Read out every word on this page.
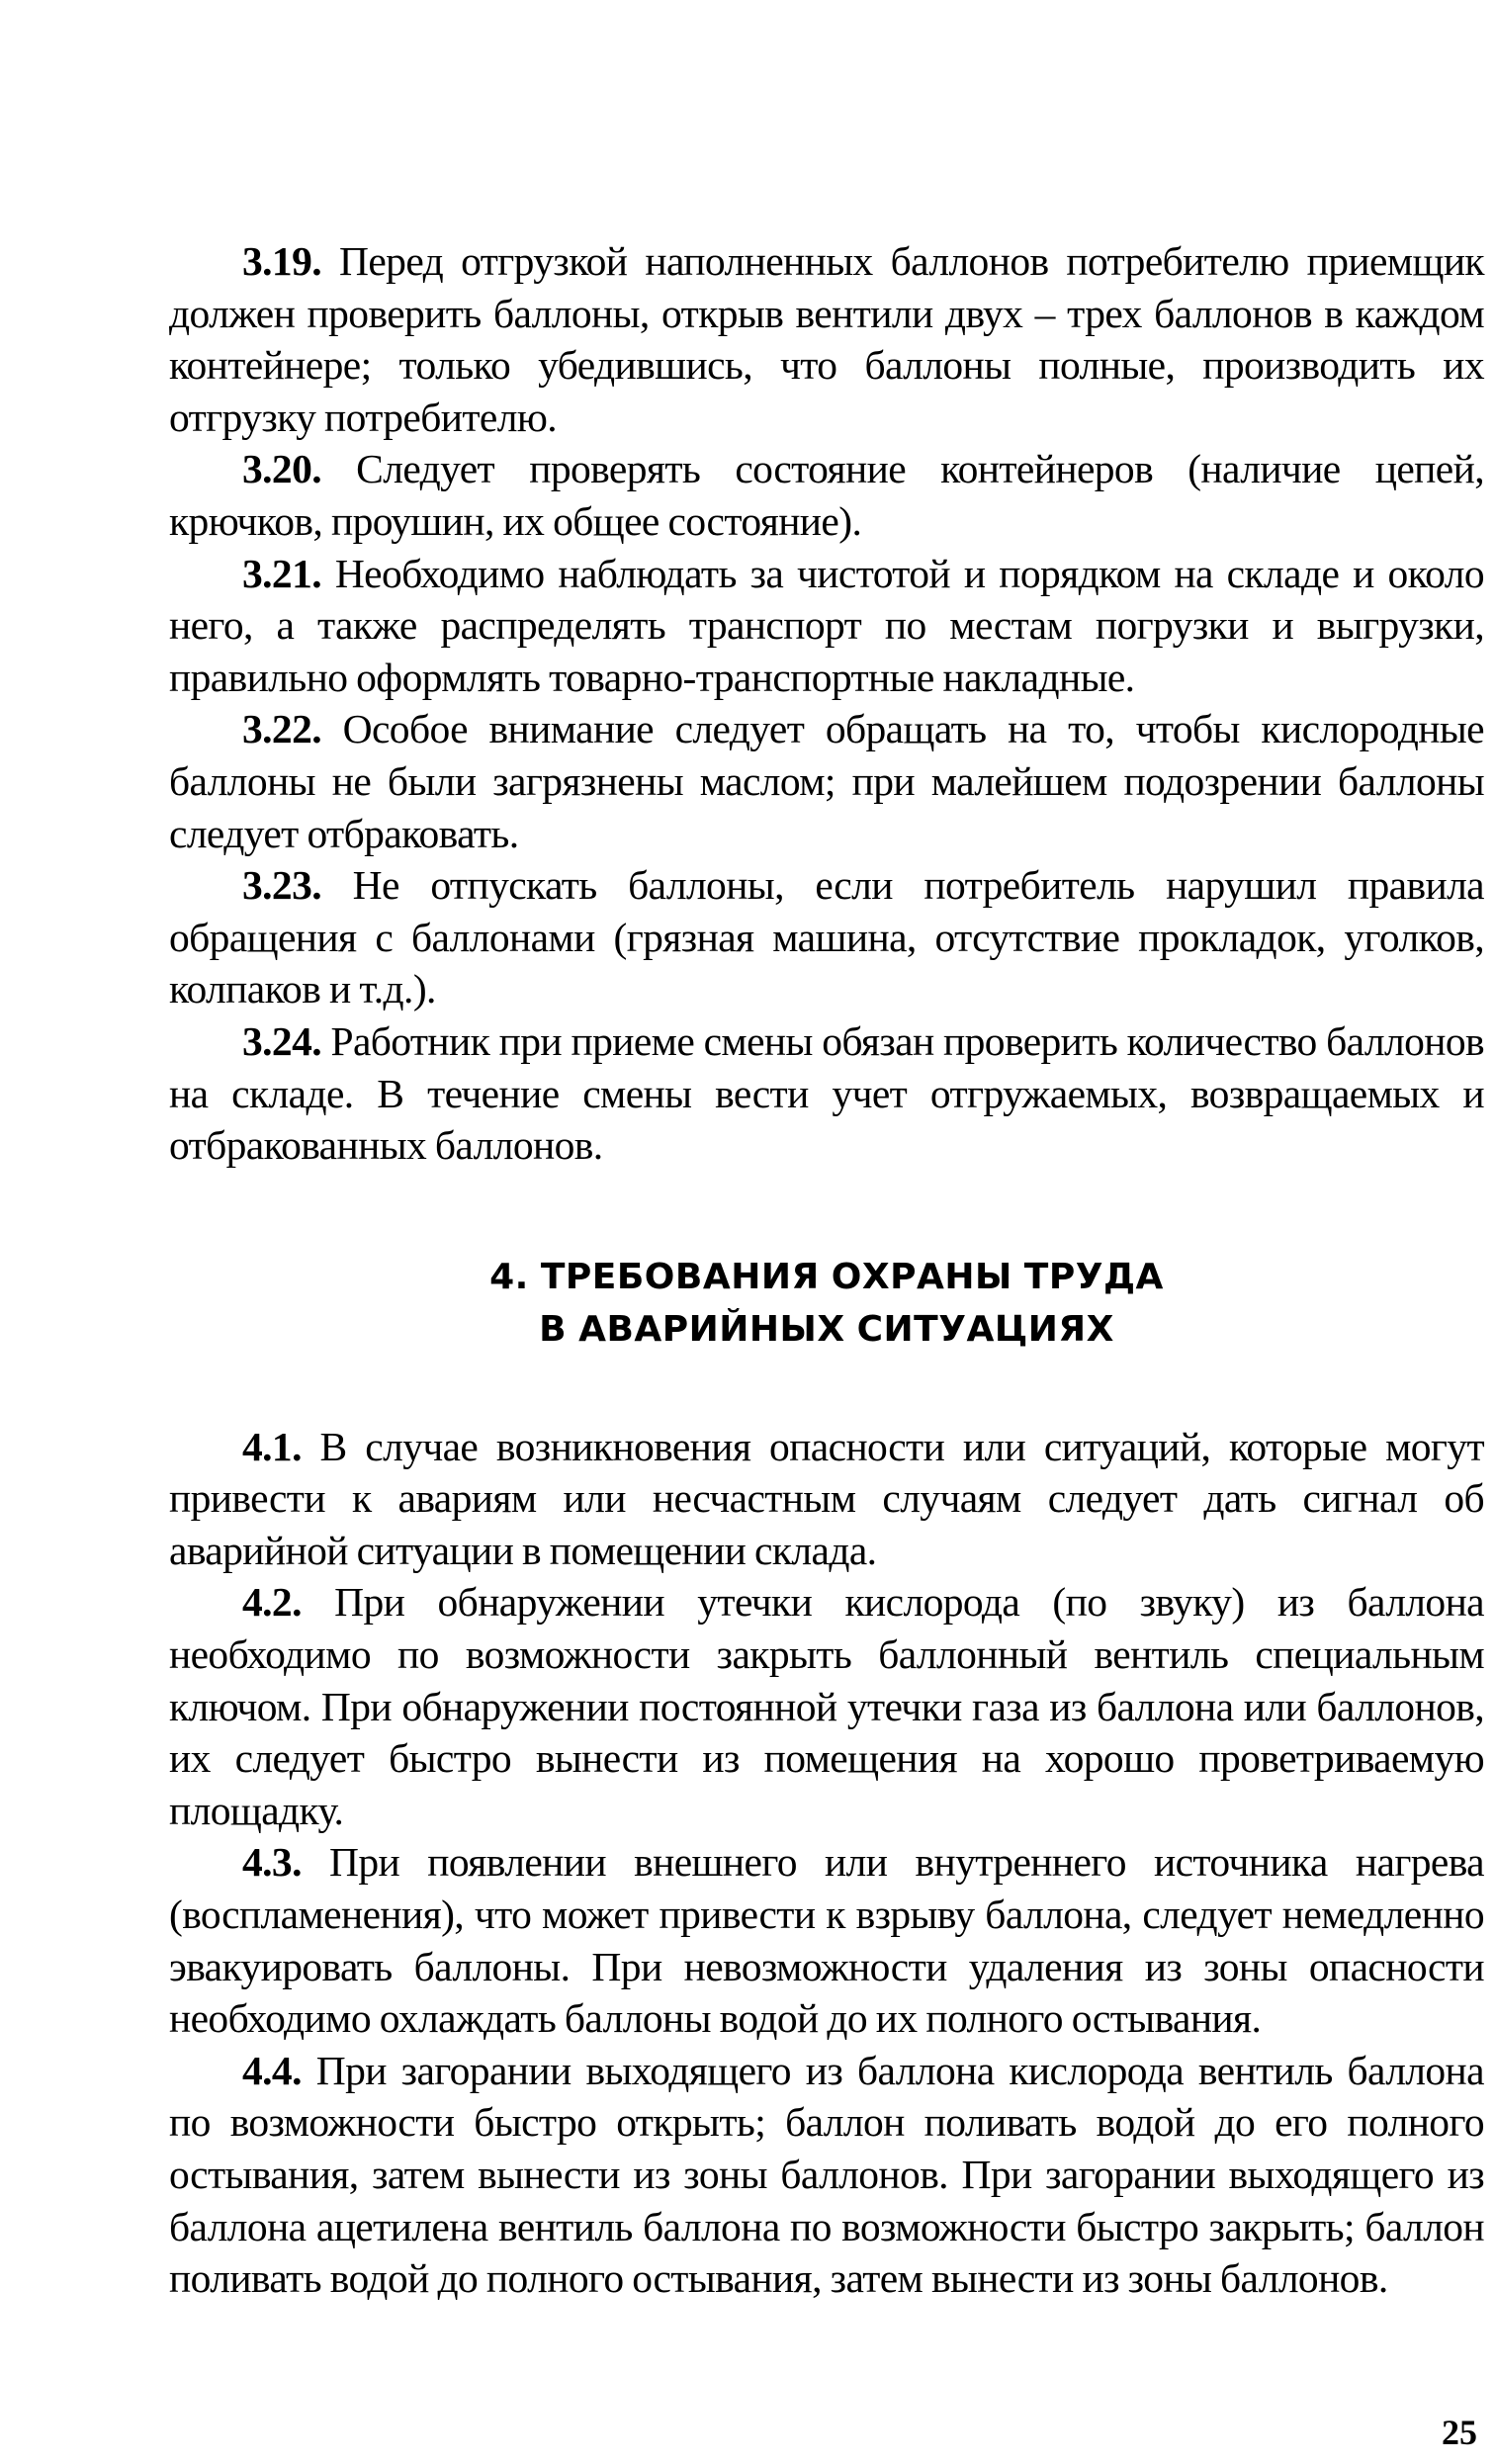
3.19. Перед отгрузкой наполненных баллонов потребителю приемщик должен проверить баллоны, открыв вентили двух – трех баллонов в каждом контейнере; только убедившись, что баллоны полные, производить их отгрузку потребителю.

3.20. Следует проверять состояние контейнеров (наличие цепей, крючков, проушин, их общее состояние).

3.21. Необходимо наблюдать за чистотой и порядком на складе и около него, а также распределять транспорт по местам погрузки и выгрузки, правильно оформлять товарно-транспортные накладные.

3.22. Особое внимание следует обращать на то, чтобы кислородные баллоны не были загрязнены маслом; при малейшем подозрении баллоны следует отбраковать.

3.23. Не отпускать баллоны, если потребитель нарушил правила обращения с баллонами (грязная машина, отсутствие прокладок, уголков, колпаков и т.д.).

3.24. Работник при приеме смены обязан проверить количество баллонов на складе. В течение смены вести учет отгружаемых, возвращаемых и отбракованных баллонов.

4. ТРЕБОВАНИЯ ОХРАНЫ ТРУДА
В АВАРИЙНЫХ СИТУАЦИЯХ

4.1. В случае возникновения опасности или ситуаций, которые могут привести к авариям или несчастным случаям следует дать сигнал об аварийной ситуации в помещении склада.

4.2. При обнаружении утечки кислорода (по звуку) из баллона необходимо по возможности закрыть баллонный вентиль специальным ключом. При обнаружении постоянной утечки газа из баллона или баллонов, их следует быстро вынести из помещения на хорошо проветриваемую площадку.

4.3. При появлении внешнего или внутреннего источника нагрева (воспламенения), что может привести к взрыву баллона, следует немедленно эвакуировать баллоны. При невозможности удаления из зоны опасности необходимо охлаждать баллоны водой до их полного остывания.

4.4. При загорании выходящего из баллона кислорода вентиль баллона по возможности быстро открыть; баллон поливать водой до его полного остывания, затем вынести из зоны баллонов. При загорании выходящего из баллона ацетилена вентиль баллона по возможности быстро закрыть; баллон поливать водой до полного остывания, затем вынести из зоны баллонов.

25
